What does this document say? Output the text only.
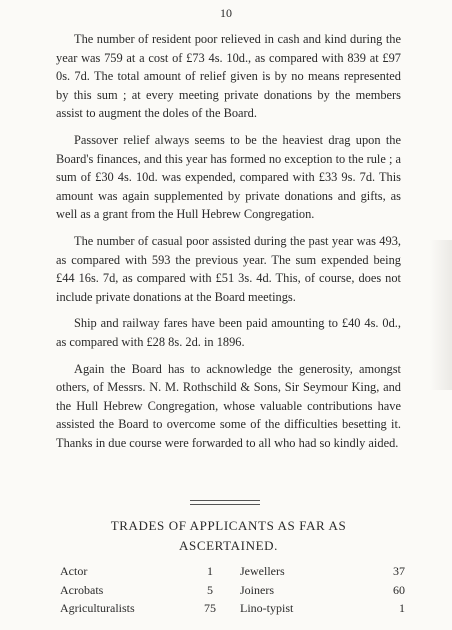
10

The number of resident poor relieved in cash and kind during the year was 759 at a cost of £73 4s. 10d., as compared with 839 at £97 0s. 7d. The total amount of relief given is by no means represented by this sum ; at every meeting private donations by the members assist to augment the doles of the Board.

Passover relief always seems to be the heaviest drag upon the Board's finances, and this year has formed no exception to the rule ; a sum of £30 4s. 10d. was expended, compared with £33 9s. 7d. This amount was again supplemented by private donations and gifts, as well as a grant from the Hull Hebrew Congregation.

The number of casual poor assisted during the past year was 493, as compared with 593 the previous year. The sum expended being £44 16s. 7d, as compared with £51 3s. 4d. This, of course, does not include private donations at the Board meetings.

Ship and railway fares have been paid amounting to £40 4s. 0d., as compared with £28 8s. 2d. in 1896.

Again the Board has to acknowledge the generosity, amongst others, of Messrs. N. M. Rothschild & Sons, Sir Seymour King, and the Hull Hebrew Congregation, whose valuable contributions have assisted the Board to overcome some of the difficulties besetting it. Thanks in due course were forwarded to all who had so kindly aided.

TRADES OF APPLICANTS AS FAR AS
ASCERTAINED.
Actor	1	Jewellers	37
Acrobats	5	Joiners	60
Agriculturalists	75	Lino-typist	1
